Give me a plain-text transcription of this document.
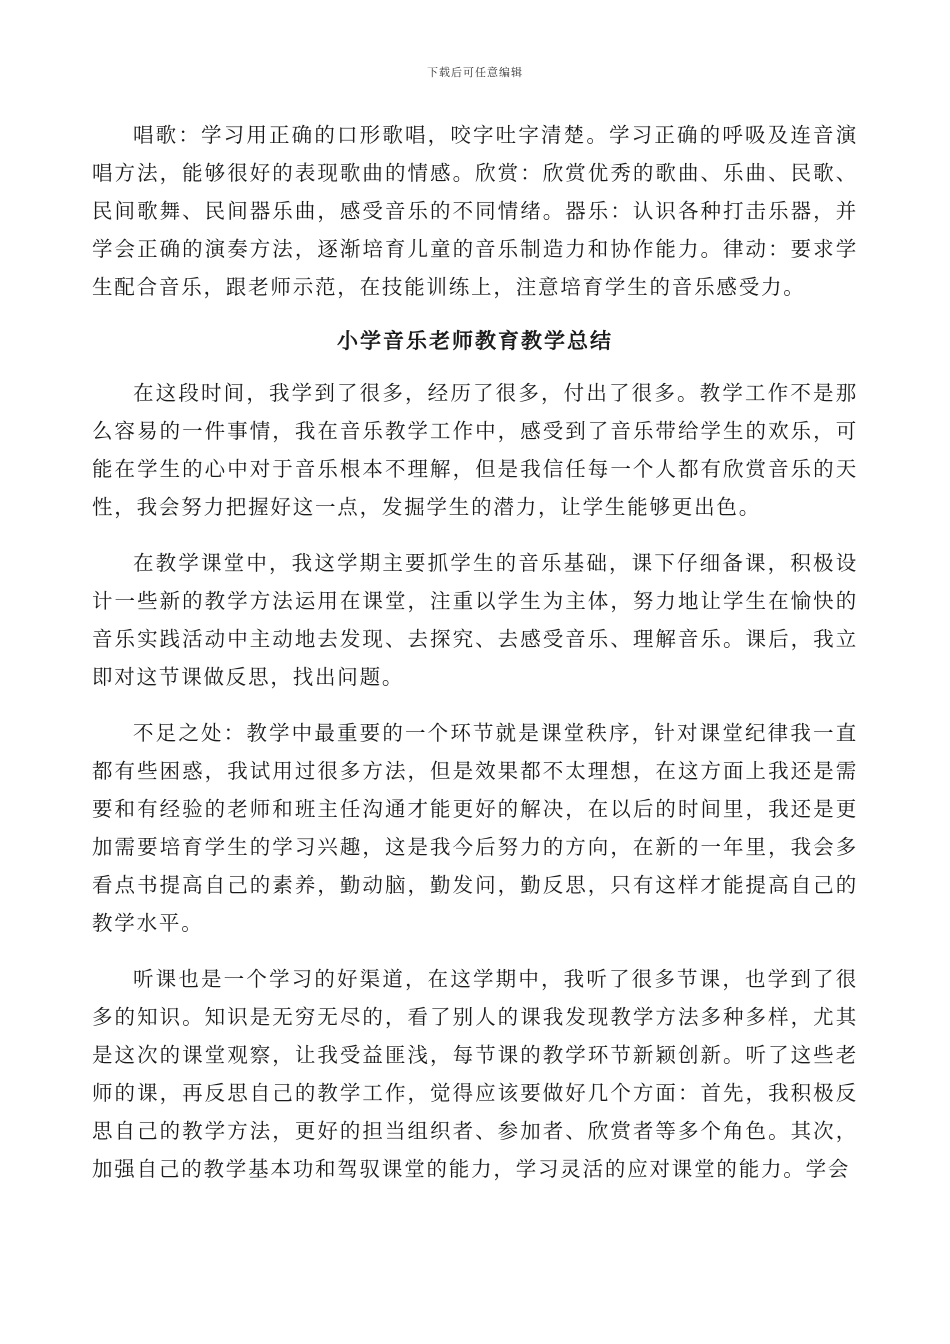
下载后可任意编辑

唱歌：学习用正确的口形歌唱，咬字吐字清楚。学习正确的呼吸及连音演唱方法，能够很好的表现歌曲的情感。欣赏：欣赏优秀的歌曲、乐曲、民歌、民间歌舞、民间器乐曲，感受音乐的不同情绪。器乐：认识各种打击乐器，并学会正确的演奏方法，逐渐培育儿童的音乐制造力和协作能力。律动：要求学生配合音乐，跟老师示范，在技能训练上，注意培育学生的音乐感受力。

小学音乐老师教育教学总结

在这段时间，我学到了很多，经历了很多，付出了很多。教学工作不是那么容易的一件事情，我在音乐教学工作中，感受到了音乐带给学生的欢乐，可能在学生的心中对于音乐根本不理解，但是我信任每一个人都有欣赏音乐的天性，我会努力把握好这一点，发掘学生的潜力，让学生能够更出色。

在教学课堂中，我这学期主要抓学生的音乐基础，课下仔细备课，积极设计一些新的教学方法运用在课堂，注重以学生为主体，努力地让学生在愉快的音乐实践活动中主动地去发现、去探究、去感受音乐、理解音乐。课后，我立即对这节课做反思，找出问题。

不足之处：教学中最重要的一个环节就是课堂秩序，针对课堂纪律我一直都有些困惑，我试用过很多方法，但是效果都不太理想，在这方面上我还是需要和有经验的老师和班主任沟通才能更好的解决，在以后的时间里，我还是更加需要培育学生的学习兴趣，这是我今后努力的方向，在新的一年里，我会多看点书提高自己的素养，勤动脑，勤发问，勤反思，只有这样才能提高自己的教学水平。

听课也是一个学习的好渠道，在这学期中，我听了很多节课，也学到了很多的知识。知识是无穷无尽的，看了别人的课我发现教学方法多种多样，尤其是这次的课堂观察，让我受益匪浅，每节课的教学环节新颖创新。听了这些老师的课，再反思自己的教学工作，觉得应该要做好几个方面：首先，我积极反思自己的教学方法，更好的担当组织者、参加者、欣赏者等多个角色。其次，加强自己的教学基本功和驾驭课堂的能力，学习灵活的应对课堂的能力。学会
